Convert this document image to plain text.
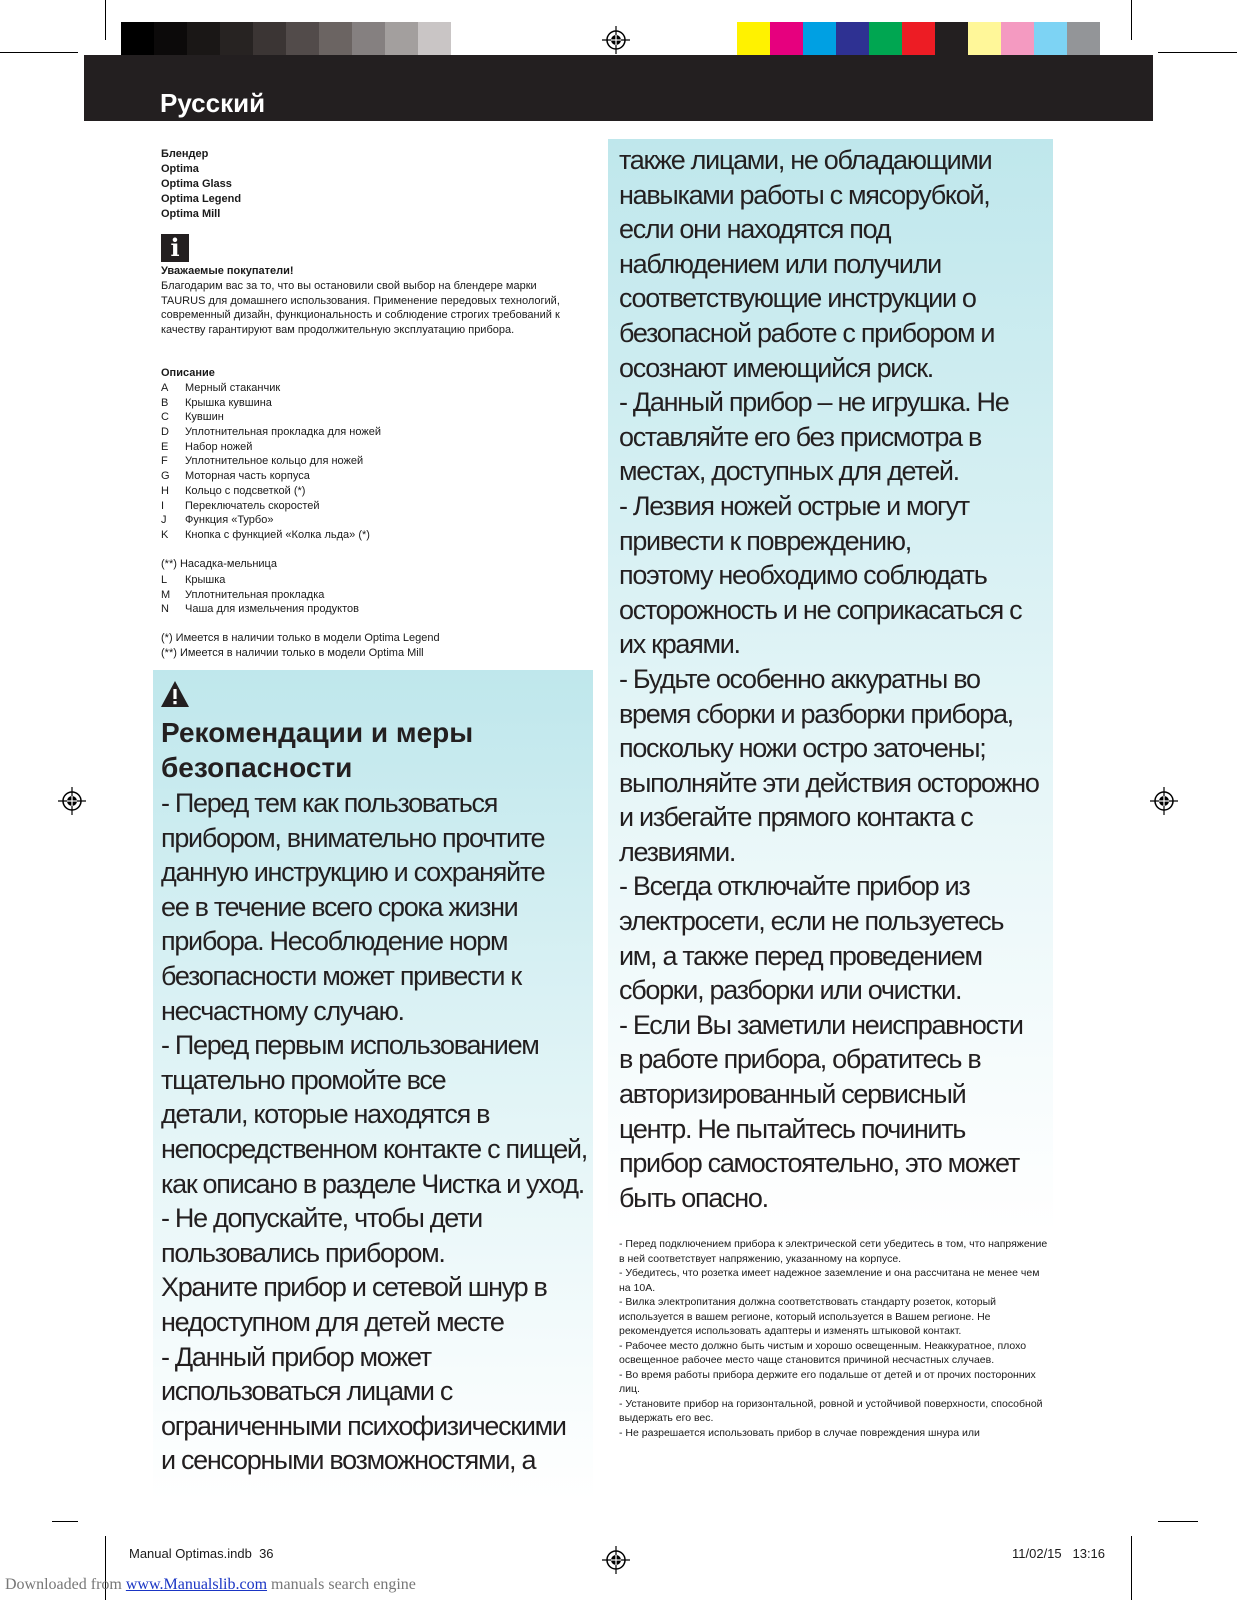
Русский
Блендер
Optima
Optima Glass
Optima Legend
Optima Mill
i
Уважаемые покупатели!
Благодарим вас за то, что вы остановили свой выбор на блендере марки TAURUS для домашнего использования. Применение передовых технологий, современный дизайн, функциональность и соблюдение строгих требований к качеству гарантируют вам продолжительную эксплуатацию прибора.
Описание
A Мерный стаканчик
B Крышка кувшина
C Кувшин
D Уплотнительная прокладка для ножей
E Набор ножей
F Уплотнительное кольцо для ножей
G Моторная часть корпуса
H Кольцо с подсветкой (*)
I Переключатель скоростей
J Функция «Турбо»
K Кнопка с функцией «Колка льда» (*)
(**) Насадка-мельница
L Крышка
M Уплотнительная прокладка
N Чаша для измельчения продуктов
(*) Имеется в наличии только в модели Optima Legend
(**) Имеется в наличии только в модели Optima Mill
Рекомендации и меры
безопасности
- Перед тем как пользоваться
прибором, внимательно прочтите
данную инструкцию и сохраняйте
ее в течение всего срока жизни
прибора. Несоблюдение норм
безопасности может привести к
несчастному случаю.
- Перед первым использованием
тщательно промойте все
детали, которые находятся в
непосредственном контакте с пищей,
как описано в разделе Чистка и уход.
- Не допускайте, чтобы дети
пользовались прибором.
Храните прибор и сетевой шнур в
недоступном для детей месте
- Данный прибор может
использоваться лицами с
ограниченными психофизическими
и сенсорными возможностями, а
также лицами, не обладающими
навыками работы с мясорубкой,
если они находятся под
наблюдением или получили
соответствующие инструкции о
безопасной работе с прибором и
осознают имеющийся риск.
- Данный прибор – не игрушка. Не
оставляйте его без присмотра в
местах, доступных для детей.
- Лезвия ножей острые и могут
привести к повреждению,
поэтому необходимо соблюдать
осторожность и не соприкасаться с
их краями.
- Будьте особенно аккуратны во
время сборки и разборки прибора,
поскольку ножи остро заточены;
выполняйте эти действия осторожно
и избегайте прямого контакта с
лезвиями.
- Всегда отключайте прибор из
электросети, если не пользуетесь
им, а также перед проведением
сборки, разборки или очистки.
- Если Вы заметили неисправности
в работе прибора, обратитесь в
авторизированный сервисный
центр. Не пытайтесь починить
прибор самостоятельно, это может
быть опасно.
- Перед подключением прибора к электрической сети убедитесь в том, что напряжение в ней соответствует напряжению, указанному на корпусе.
- Убедитесь, что розетка имеет надежное заземление и она рассчитана не менее чем на 10А.
- Вилка электропитания должна соответствовать стандарту розеток, который используется в вашем регионе, который используется в Вашем регионе. Не рекомендуется использовать адаптеры и изменять штыковой контакт.
- Рабочее место должно быть чистым и хорошо освещенным. Неаккуратное, плохо освещенное рабочее место чаще становится причиной несчастных случаев.
- Во время работы прибора держите его подальше от детей и от прочих посторонних лиц.
- Установите прибор на горизонтальной, ровной и устойчивой поверхности, способной выдержать его вес.
- Не разрешается использовать прибор в случае повреждения шнура или
Manual Optimas.indb 36	11/02/15 13:16
Downloaded from www.Manualslib.com manuals search engine
